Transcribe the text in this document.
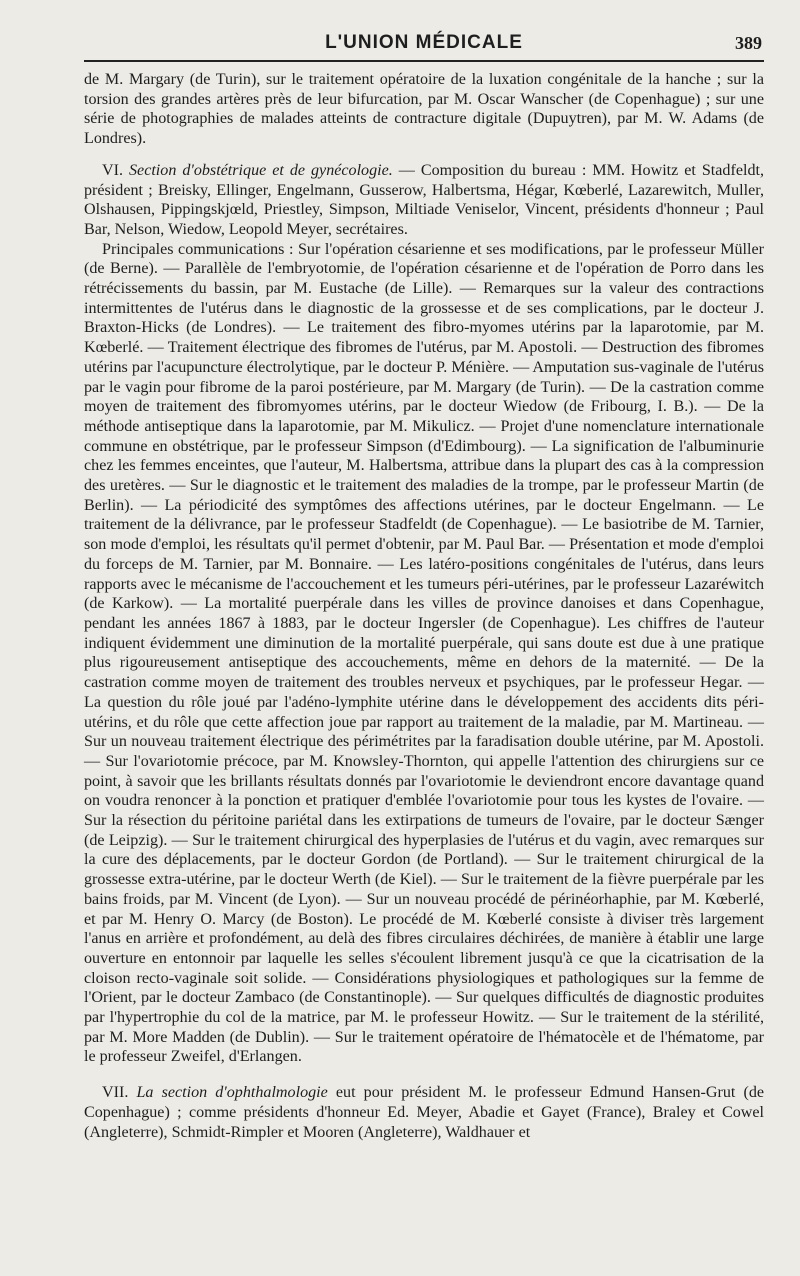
L'UNION MÉDICALE	389

de M. Margary (de Turin), sur le traitement opératoire de la luxation congénitale de la hanche ; sur la torsion des grandes artères près de leur bifurcation, par M. Oscar Wanscher (de Copenhague) ; sur une série de photographies de malades atteints de contracture digitale (Dupuytren), par M. W. Adams (de Londres).

VI. Section d'obstétrique et de gynécologie. — Composition du bureau : MM. Howitz et Stadfeldt, président ; Breisky, Ellinger, Engelmann, Gusserow, Halbertsma, Hégar, Kœberlé, Lazarewitch, Muller, Olshausen, Pippingskjœld, Priestley, Simpson, Miltiade Veniselor, Vincent, présidents d'honneur ; Paul Bar, Nelson, Wiedow, Leopold Meyer, secrétaires.

Principales communications : Sur l'opération césarienne et ses modifications, par le professeur Müller (de Berne). — Parallèle de l'embryotomie, de l'opération césarienne et de l'opération de Porro dans les rétrécissements du bassin, par M. Eustache (de Lille). — Remarques sur la valeur des contractions intermittentes de l'utérus dans le diagnostic de la grossesse et de ses complications, par le docteur J. Braxton-Hicks (de Londres). — Le traitement des fibro-myomes utérins par la laparotomie, par M. Kœberlé. — Traitement électrique des fibromes de l'utérus, par M. Apostoli. — Destruction des fibromes utérins par l'acupuncture électrolytique, par le docteur P. Ménière. — Amputation sus-vaginale de l'utérus par le vagin pour fibrome de la paroi postérieure, par M. Margary (de Turin). — De la castration comme moyen de traitement des fibromyomes utérins, par le docteur Wiedow (de Fribourg, I. B.). — De la méthode antiseptique dans la laparotomie, par M. Mikulicz. — Projet d'une nomenclature internationale commune en obstétrique, par le professeur Simpson (d'Edimbourg). — La signification de l'albuminurie chez les femmes enceintes, que l'auteur, M. Halbertsma, attribue dans la plupart des cas à la compression des uretères. — Sur le diagnostic et le traitement des maladies de la trompe, par le professeur Martin (de Berlin). — La périodicité des symptômes des affections utérines, par le docteur Engelmann. — Le traitement de la délivrance, par le professeur Stadfeldt (de Copenhague). — Le basiotribe de M. Tarnier, son mode d'emploi, les résultats qu'il permet d'obtenir, par M. Paul Bar. — Présentation et mode d'emploi du forceps de M. Tarnier, par M. Bonnaire. — Les latéro-positions congénitales de l'utérus, dans leurs rapports avec le mécanisme de l'accouchement et les tumeurs péri-utérines, par le professeur Lazaréwitch (de Karkow). — La mortalité puerpérale dans les villes de province danoises et dans Copenhague, pendant les années 1867 à 1883, par le docteur Ingersler (de Copenhague). Les chiffres de l'auteur indiquent évidemment une diminution de la mortalité puerpérale, qui sans doute est due à une pratique plus rigoureusement antiseptique des accouchements, même en dehors de la maternité. — De la castration comme moyen de traitement des troubles nerveux et psychiques, par le professeur Hegar. — La question du rôle joué par l'adéno-lymphite utérine dans le développement des accidents dits péri-utérins, et du rôle que cette affection joue par rapport au traitement de la maladie, par M. Martineau. — Sur un nouveau traitement électrique des périmétrites par la faradisation double utérine, par M. Apostoli. — Sur l'ovariotomie précoce, par M. Knowsley-Thornton, qui appelle l'attention des chirurgiens sur ce point, à savoir que les brillants résultats donnés par l'ovariotomie le deviendront encore davantage quand on voudra renoncer à la ponction et pratiquer d'emblée l'ovariotomie pour tous les kystes de l'ovaire. — Sur la résection du péritoine pariétal dans les extirpations de tumeurs de l'ovaire, par le docteur Sænger (de Leipzig). — Sur le traitement chirurgical des hyperplasies de l'utérus et du vagin, avec remarques sur la cure des déplacements, par le docteur Gordon (de Portland). — Sur le traitement chirurgical de la grossesse extra-utérine, par le docteur Werth (de Kiel). — Sur le traitement de la fièvre puerpérale par les bains froids, par M. Vincent (de Lyon). — Sur un nouveau procédé de périnéorhaphie, par M. Kœberlé, et par M. Henry O. Marcy (de Boston). Le procédé de M. Kœberlé consiste à diviser très largement l'anus en arrière et profondément, au delà des fibres circulaires déchirées, de manière à établir une large ouverture en entonnoir par laquelle les selles s'écoulent librement jusqu'à ce que la cicatrisation de la cloison recto-vaginale soit solide. — Considérations physiologiques et pathologiques sur la femme de l'Orient, par le docteur Zambaco (de Constantinople). — Sur quelques difficultés de diagnostic produites par l'hypertrophie du col de la matrice, par M. le professeur Howitz. — Sur le traitement de la stérilité, par M. More Madden (de Dublin). — Sur le traitement opératoire de l'hématocèle et de l'hématome, par le professeur Zweifel, d'Erlangen.

VII. La section d'ophthalmologie eut pour président M. le professeur Edmund Hansen-Grut (de Copenhague) ; comme présidents d'honneur Ed. Meyer, Abadie et Gayet (France), Braley et Cowel (Angleterre), Schmidt-Rimpler et Mooren (Angleterre), Waldhauer et
